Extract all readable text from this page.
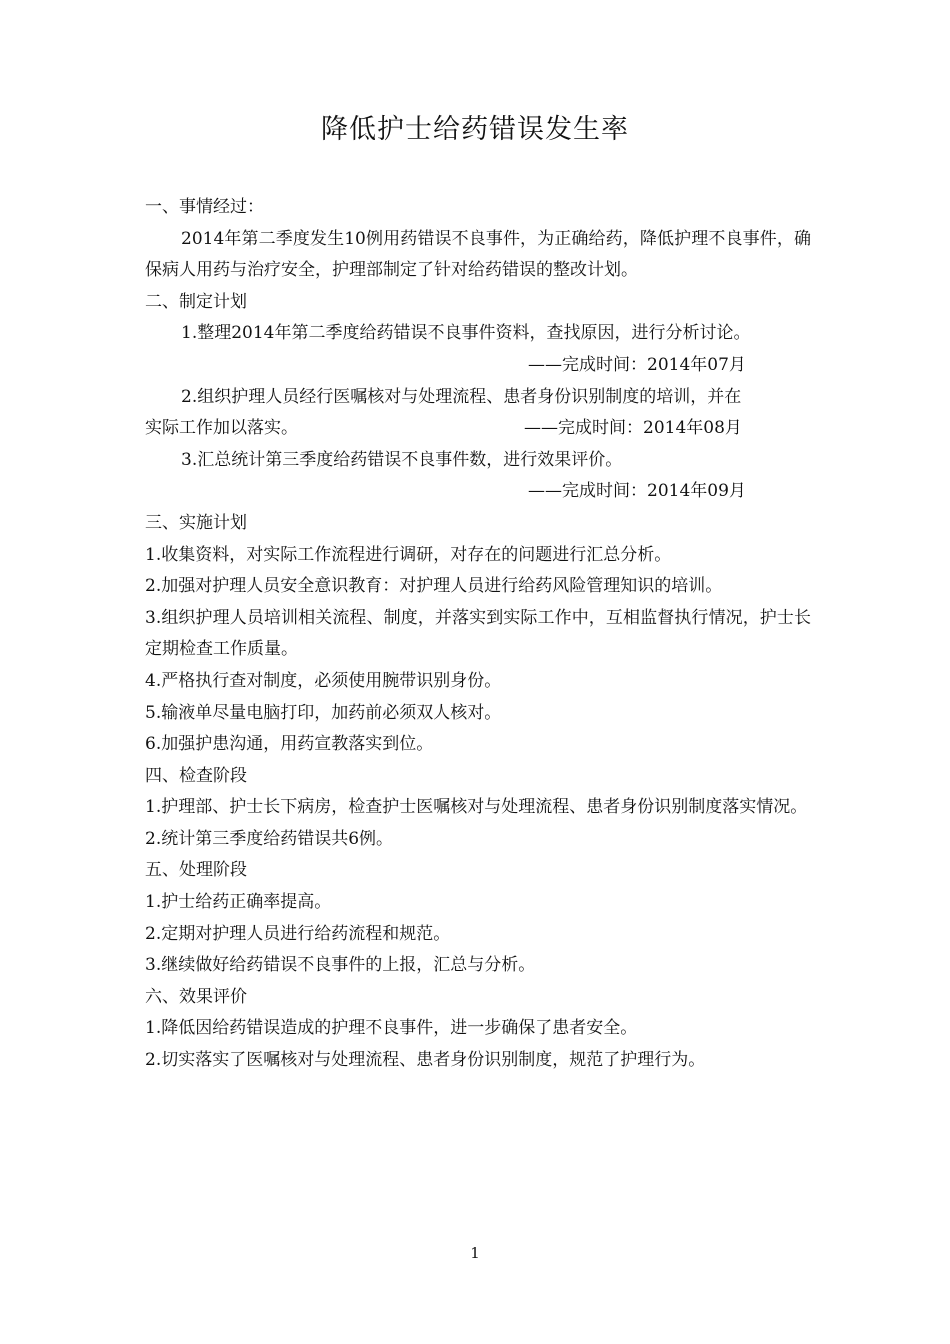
降低护士给药错误发生率

一、事情经过：

2014年第二季度发生10例用药错误不良事件，为正确给药，降低护理不良事件，确保病人用药与治疗安全，护理部制定了针对给药错误的整改计划。

二、制定计划

1.整理2014年第二季度给药错误不良事件资料，查找原因，进行分析讨论。

——完成时间：2014年07月

2.组织护理人员经行医嘱核对与处理流程、患者身份识别制度的培训，并在

实际工作加以落实。	——完成时间：2014年08月

3.汇总统计第三季度给药错误不良事件数，进行效果评价。

——完成时间：2014年09月

三、实施计划

1.收集资料，对实际工作流程进行调研，对存在的问题进行汇总分析。

2.加强对护理人员安全意识教育：对护理人员进行给药风险管理知识的培训。

3.组织护理人员培训相关流程、制度，并落实到实际工作中，互相监督执行情况，护士长定期检查工作质量。

4.严格执行查对制度，必须使用腕带识别身份。

5.输液单尽量电脑打印，加药前必须双人核对。

6.加强护患沟通，用药宣教落实到位。

四、检查阶段

1.护理部、护士长下病房，检查护士医嘱核对与处理流程、患者身份识别制度落实情况。

2.统计第三季度给药错误共6例。

五、处理阶段

1.护士给药正确率提高。

2.定期对护理人员进行给药流程和规范。

3.继续做好给药错误不良事件的上报，汇总与分析。

六、效果评价

1.降低因给药错误造成的护理不良事件，进一步确保了患者安全。

2.切实落实了医嘱核对与处理流程、患者身份识别制度，规范了护理行为。

1
